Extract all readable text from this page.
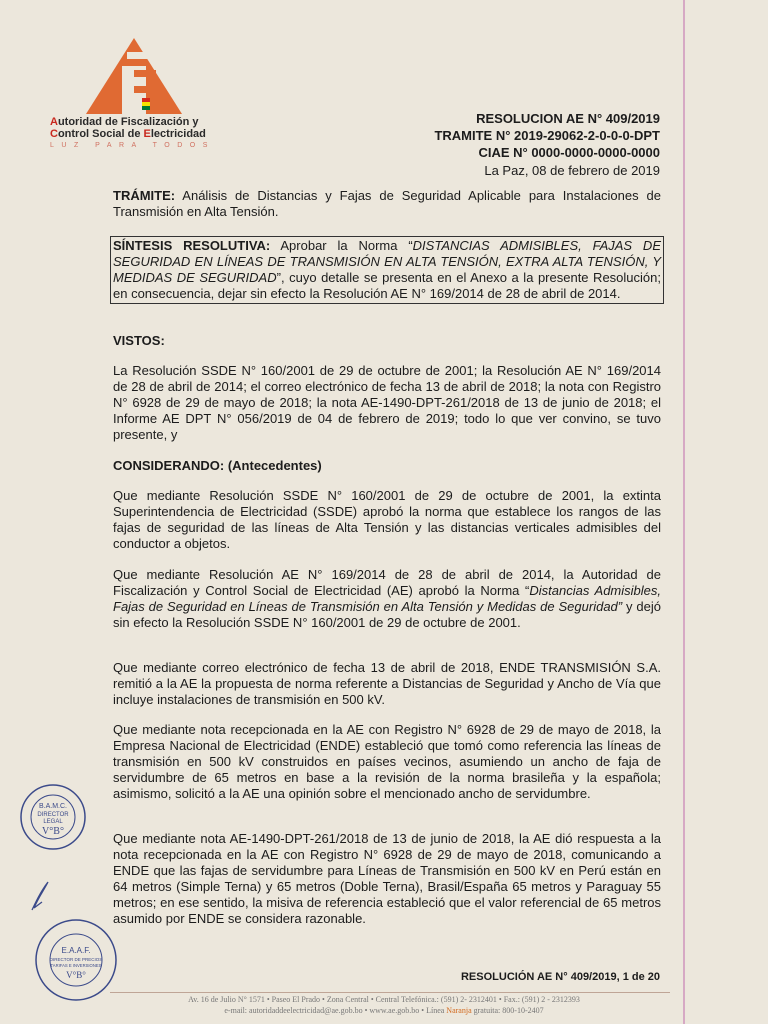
Autoridad de Fiscalización y
Control Social de Electricidad
LUZ PARA TODOS
RESOLUCION AE N° 409/2019
TRAMITE N° 2019-29062-2-0-0-0-DPT
CIAE N° 0000-0000-0000-0000
La Paz, 08 de febrero de 2019
TRÁMITE: Análisis de Distancias y Fajas de Seguridad Aplicable para Instalaciones de Transmisión en Alta Tensión.
SÍNTESIS RESOLUTIVA: Aprobar la Norma “DISTANCIAS ADMISIBLES, FAJAS DE SEGURIDAD EN LÍNEAS DE TRANSMISIÓN EN ALTA TENSIÓN, EXTRA ALTA TENSIÓN, Y MEDIDAS DE SEGURIDAD”, cuyo detalle se presenta en el Anexo a la presente Resolución; en consecuencia, dejar sin efecto la Resolución AE N° 169/2014 de 28 de abril de 2014.
VISTOS:
La Resolución SSDE N° 160/2001 de 29 de octubre de 2001; la Resolución AE N° 169/2014 de 28 de abril de 2014; el correo electrónico de fecha 13 de abril de 2018; la nota con Registro N° 6928 de 29 de mayo de 2018; la nota AE-1490-DPT-261/2018 de 13 de junio de 2018; el Informe AE DPT N° 056/2019 de 04 de febrero de 2019; todo lo que ver convino, se tuvo presente, y
CONSIDERANDO: (Antecedentes)
Que mediante Resolución SSDE N° 160/2001 de 29 de octubre de 2001, la extinta Superintendencia de Electricidad (SSDE) aprobó la norma que establece los rangos de las fajas de seguridad de las líneas de Alta Tensión y las distancias verticales admisibles del conductor a objetos.
Que mediante Resolución AE N° 169/2014 de 28 de abril de 2014, la Autoridad de Fiscalización y Control Social de Electricidad (AE) aprobó la Norma “Distancias Admisibles, Fajas de Seguridad en Líneas de Transmisión en Alta Tensión y Medidas de Seguridad” y dejó sin efecto la Resolución SSDE N° 160/2001 de 29 de octubre de 2001.
Que mediante correo electrónico de fecha 13 de abril de 2018, ENDE TRANSMISIÓN S.A. remitió a la AE la propuesta de norma referente a Distancias de Seguridad y Ancho de Vía que incluye instalaciones de transmisión en 500 kV.
Que mediante nota recepcionada en la AE con Registro N° 6928 de 29 de mayo de 2018, la Empresa Nacional de Electricidad (ENDE) estableció que tomó como referencia las líneas de transmisión en 500 kV construidos en países vecinos, asumiendo un ancho de faja de servidumbre de 65 metros en base a la revisión de la norma brasileña y la española; asimismo, solicitó a la AE una opinión sobre el mencionado ancho de servidumbre.
Que mediante nota AE-1490-DPT-261/2018 de 13 de junio de 2018, la AE dió respuesta a la nota recepcionada en la AE con Registro N° 6928 de 29 de mayo de 2018, comunicando a ENDE que las fajas de servidumbre para Líneas de Transmisión en 500 kV en Perú están en 64 metros (Simple Terna) y 65 metros (Doble Terna), Brasil/España 65 metros y Paraguay 55 metros; en ese sentido, la misiva de referencia estableció que el valor referencial de 65 metros asumido por ENDE se considera razonable.
B.A.M.C.
DIRECTOR
LEGAL
V°B°
E.A.A.F.
DIRECTOR DE PRECIOS
TARIFAS E INVERSIONES
V°B°	RESOLUCIÓN AE N° 409/2019, 1 de 20
Av. 16 de Julio N° 1571 • Paseo El Prado • Zona Central • Central Telefónica.: (591) 2- 2312401 • Fax.: (591) 2 - 2312393
e-mail: autoridaddeelectricidad@ae.gob.bo • www.ae.gob.bo • Línea Naranja gratuita: 800-10-2407
